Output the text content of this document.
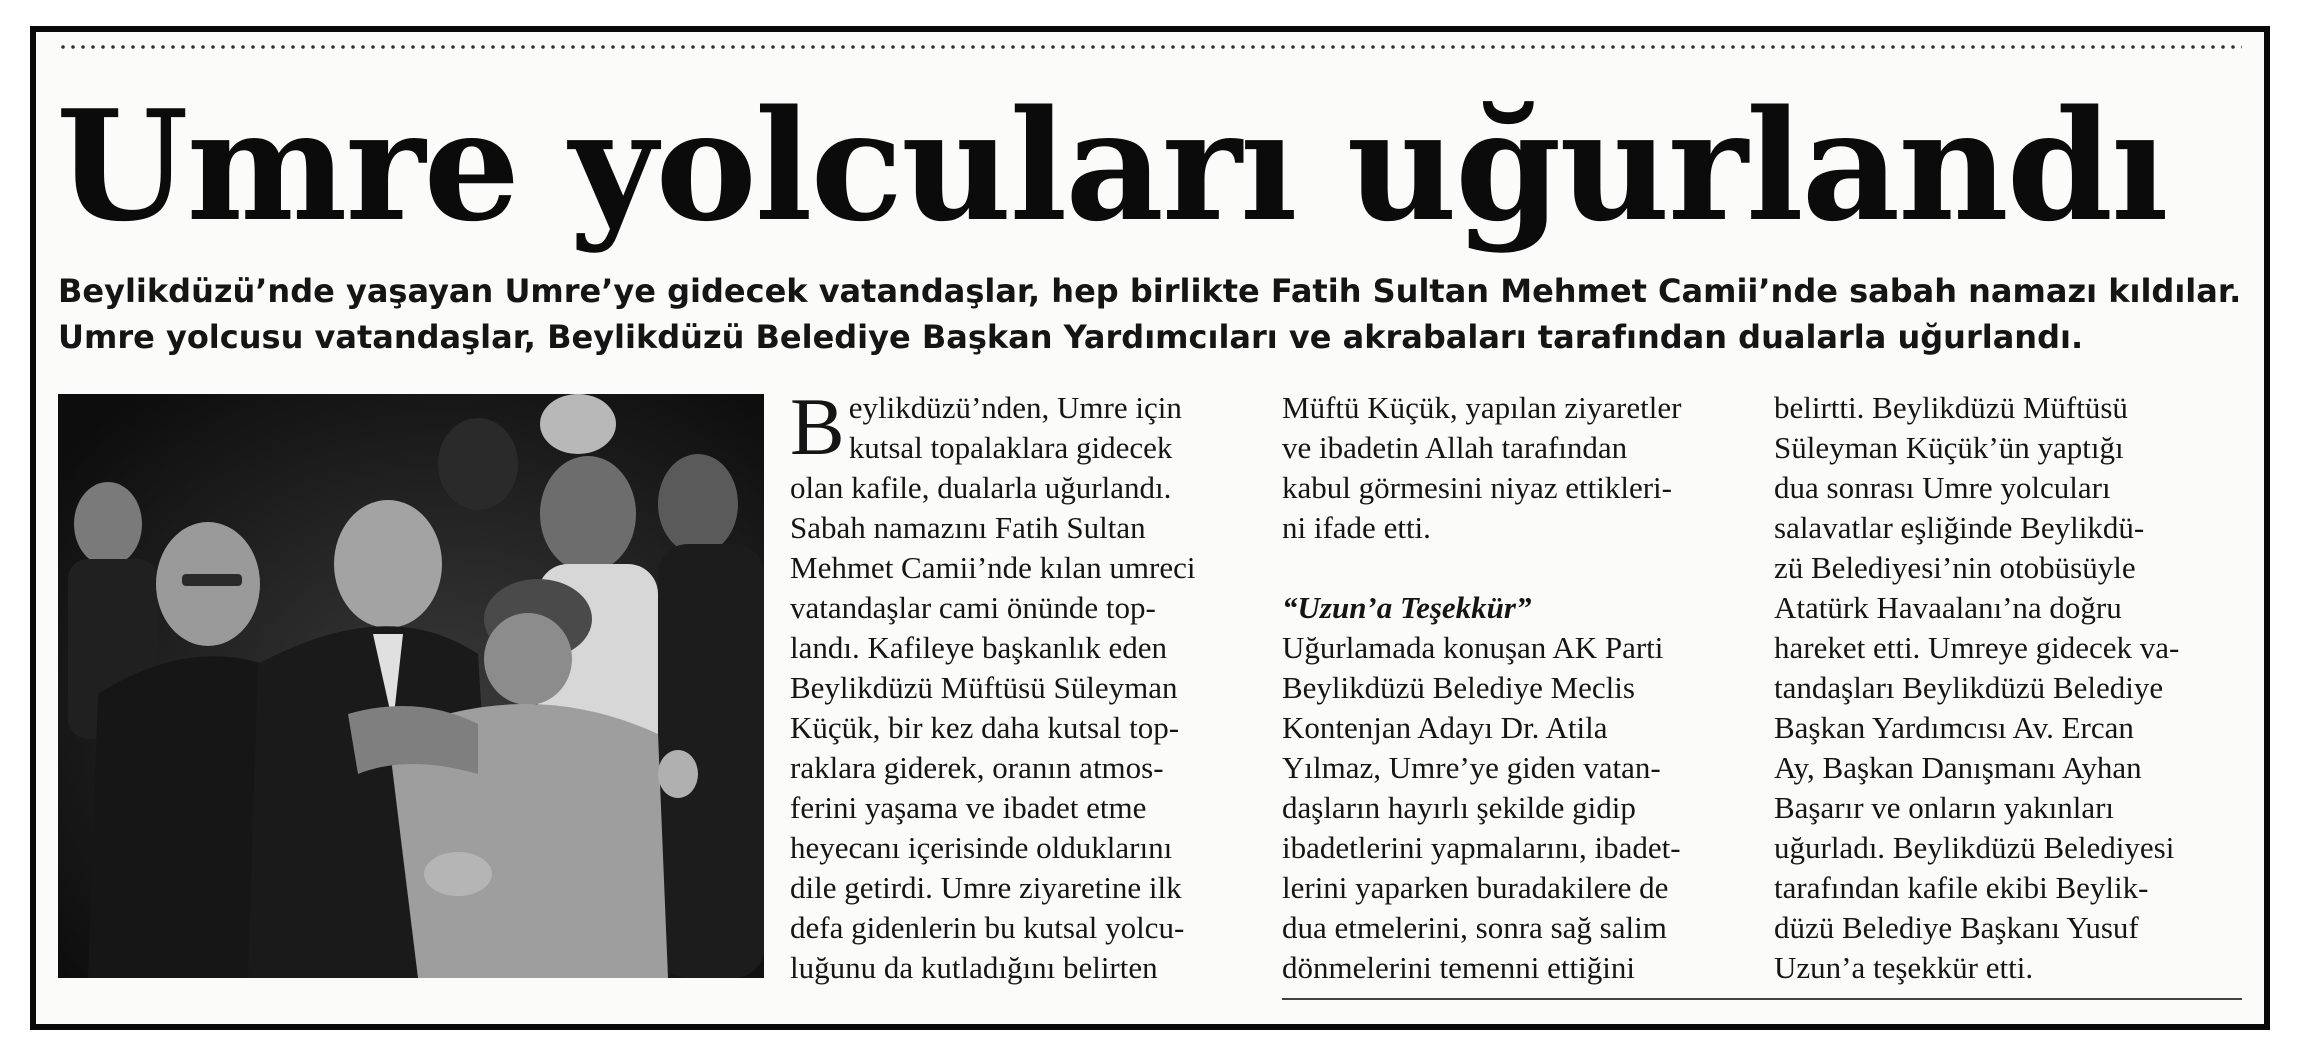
Umre yolcuları uğurlandı

Beylikdüzü’nde yaşayan Umre’ye gidecek vatandaşlar, hep birlikte Fatih Sultan Mehmet Camii’nde sabah namazı kıldılar. Umre yolcusu vatandaşlar, Beylikdüzü Belediye Başkan Yardımcıları ve akrabaları tarafından dualarla uğurlandı.

B eylikdüzü’nden, Umre için

kutsal topalaklara gidecek

olan kafile, dualarla uğurlandı.

Sabah namazını Fatih Sultan

Mehmet Camii’nde kılan umreci

vatandaşlar cami önünde top-

landı. Kafileye başkanlık eden

Beylikdüzü Müftüsü Süleyman

Küçük, bir kez daha kutsal top-

raklara giderek, oranın atmos-

ferini yaşama ve ibadet etme

heyecanı içerisinde olduklarını

dile getirdi. Umre ziyaretine ilk

defa gidenlerin bu kutsal yolcu-

luğunu da kutladığını belirten

Müftü Küçük, yapılan ziyaretler

ve ibadetin Allah tarafından

kabul görmesini niyaz ettikleri-

ni ifade etti.

“Uzun’a Teşekkür”

Uğurlamada konuşan AK Parti

Beylikdüzü Belediye Meclis

Kontenjan Adayı Dr. Atila

Yılmaz, Umre’ye giden vatan-

daşların hayırlı şekilde gidip

ibadetlerini yapmalarını, ibadet-

lerini yaparken buradakilere de

dua etmelerini, sonra sağ salim

dönmelerini temenni ettiğini

belirtti. Beylikdüzü Müftüsü

Süleyman Küçük’ün yaptığı

dua sonrası Umre yolcuları

salavatlar eşliğinde Beylikdü-

zü Belediyesi’nin otobüsüyle

Atatürk Havaalanı’na doğru

hareket etti. Umreye gidecek va-

tandaşları Beylikdüzü Belediye

Başkan Yardımcısı Av. Ercan

Ay, Başkan Danışmanı Ayhan

Başarır ve onların yakınları

uğurladı. Beylikdüzü Belediyesi

tarafından kafile ekibi Beylik-

düzü Belediye Başkanı Yusuf

Uzun’a teşekkür etti.
